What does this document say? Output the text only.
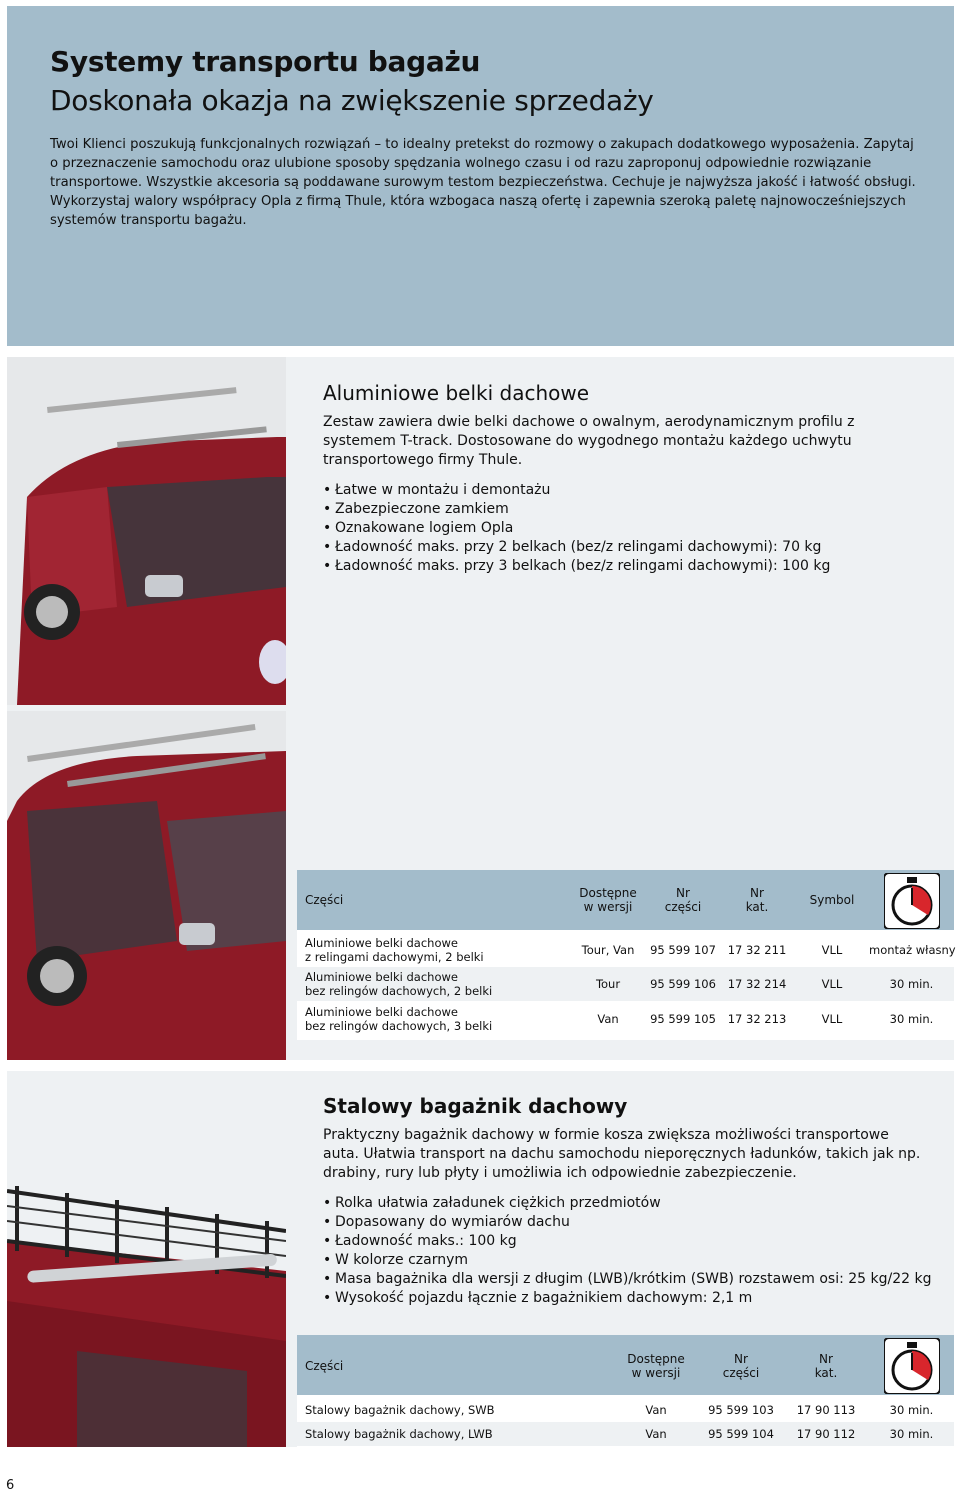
Systemy transportu bagażu
Doskonała okazja na zwiększenie sprzedaży

Twoi Klienci poszukują funkcjonalnych rozwiązań – to idealny pretekst do rozmowy o zakupach dodatkowego wyposażenia. Zapytaj o przeznaczenie samochodu oraz ulubione sposoby spędzania wolnego czasu i od razu zaproponuj odpowiednie rozwiązanie transportowe. Wszystkie akcesoria są poddawane surowym testom bezpieczeństwa. Cechuje je najwyższa jakość i łatwość obsługi. Wykorzystaj walory współpracy Opla z firmą Thule, która wzbogaca naszą ofertę i zapewnia szeroką paletę najnowocześniejszych systemów transportu bagażu.

Aluminiowe belki dachowe

Zestaw zawiera dwie belki dachowe o owalnym, aerodynamicznym profilu z systemem T-track. Dostosowane do wygodnego montażu każdego uchwytu transportowego firmy Thule.

• Łatwe w montażu i demontażu
• Zabezpieczone zamkiem
• Oznakowane logiem Opla
• Ładowność maks. przy 2 belkach (bez/z relingami dachowymi): 70 kg
• Ładowność maks. przy 3 belkach (bez/z relingami dachowymi): 100 kg
Części	Dostępne
w wersji
Nr
części
Nr
kat.	Symbol
Aluminiowe belki dachowe
z relingami dachowymi, 2 belki	Tour, Van	95 599 107	17 32 211	VLL	montaż własny
Aluminiowe belki dachowe
bez relingów dachowych, 2 belki	Tour	95 599 106	17 32 214	VLL	30 min.
Aluminiowe belki dachowe
bez relingów dachowych, 3 belki	Van	95 599 105	17 32 213	VLL	30 min.
Stalowy bagażnik dachowy

Praktyczny bagażnik dachowy w formie kosza zwiększa możliwości transportowe auta. Ułatwia transport na dachu samochodu nieporęcznych ładunków, takich jak np. drabiny, rury lub płyty i umożliwia ich odpowiednie zabezpieczenie.

• Rolka ułatwia załadunek ciężkich przedmiotów
• Dopasowany do wymiarów dachu
• Ładowność maks.: 100 kg
• W kolorze czarnym
• Masa bagażnika dla wersji z długim (LWB)/krótkim (SWB) rozstawem osi: 25 kg/22 kg
• Wysokość pojazdu łącznie z bagażnikiem dachowym: 2,1 m
Części	Dostępne
w wersji
Nr
części
Nr
kat.
Stalowy bagażnik dachowy, SWB	Van	95 599 103	17 90 113	30 min.
Stalowy bagażnik dachowy, LWB	Van	95 599 104	17 90 112	30 min.
6
